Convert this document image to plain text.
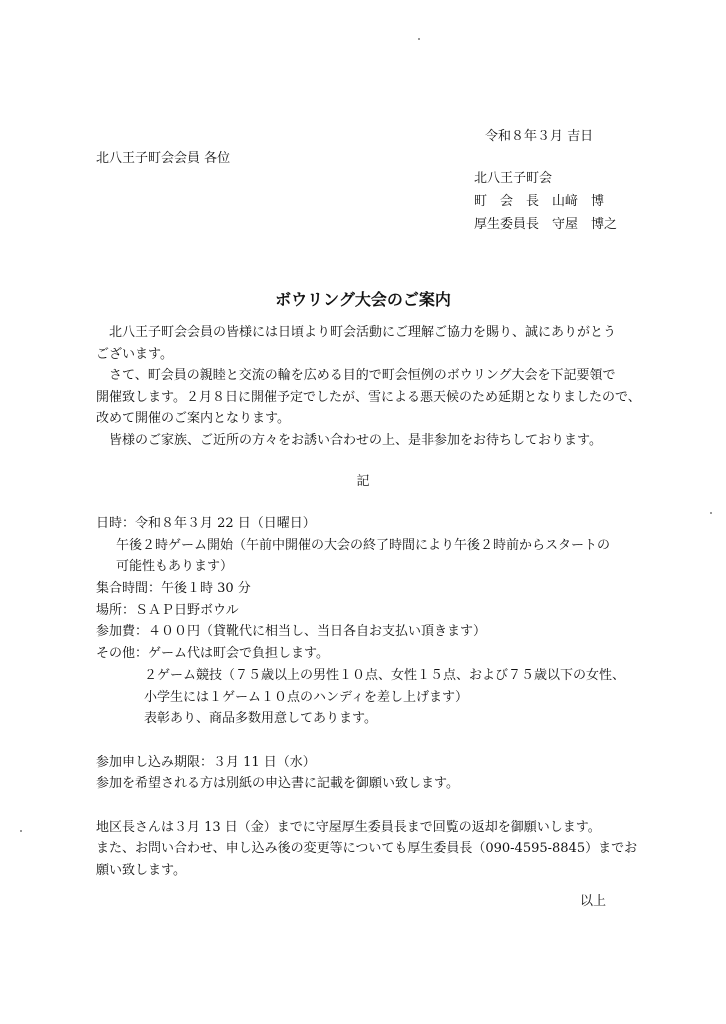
令和８年３月 吉日
北八王子町会会員 各位
北八王子町会
町　会　長　山﨑　博
厚生委員長　守屋　博之
ボウリング大会のご案内
　北八王子町会会員の皆様には日頃より町会活動にご理解ご協力を賜り、誠にありがとう
ございます。
　さて、町会員の親睦と交流の輪を広める目的で町会恒例のボウリング大会を下記要領で
開催致します。２月８日に開催予定でしたが、雪による悪天候のため延期となりましたので、
改めて開催のご案内となります。
　皆様のご家族、ご近所の方々をお誘い合わせの上、是非参加をお待ちしております。
記
日時：令和８年３月 22 日（日曜日）
午後２時ゲーム開始（午前中開催の大会の終了時間により午後２時前からスタートの
可能性もあります）
集合時間：午後１時 30 分
場所：ＳＡＰ日野ボウル
参加費：４００円（貸靴代に相当し、当日各自お支払い頂きます）
その他：ゲーム代は町会で負担します。
２ゲーム競技（７５歳以上の男性１０点、女性１５点、および７５歳以下の女性、
小学生には１ゲーム１０点のハンディを差し上げます）
表彰あり、商品多数用意してあります。
参加申し込み期限：３月 11 日（水）
参加を希望される方は別紙の申込書に記載を御願い致します。
地区長さんは３月 13 日（金）までに守屋厚生委員長まで回覧の返却を御願いします。
また、お問い合わせ、申し込み後の変更等についても厚生委員長（090-4595-8845）までお
願い致します。
以上
